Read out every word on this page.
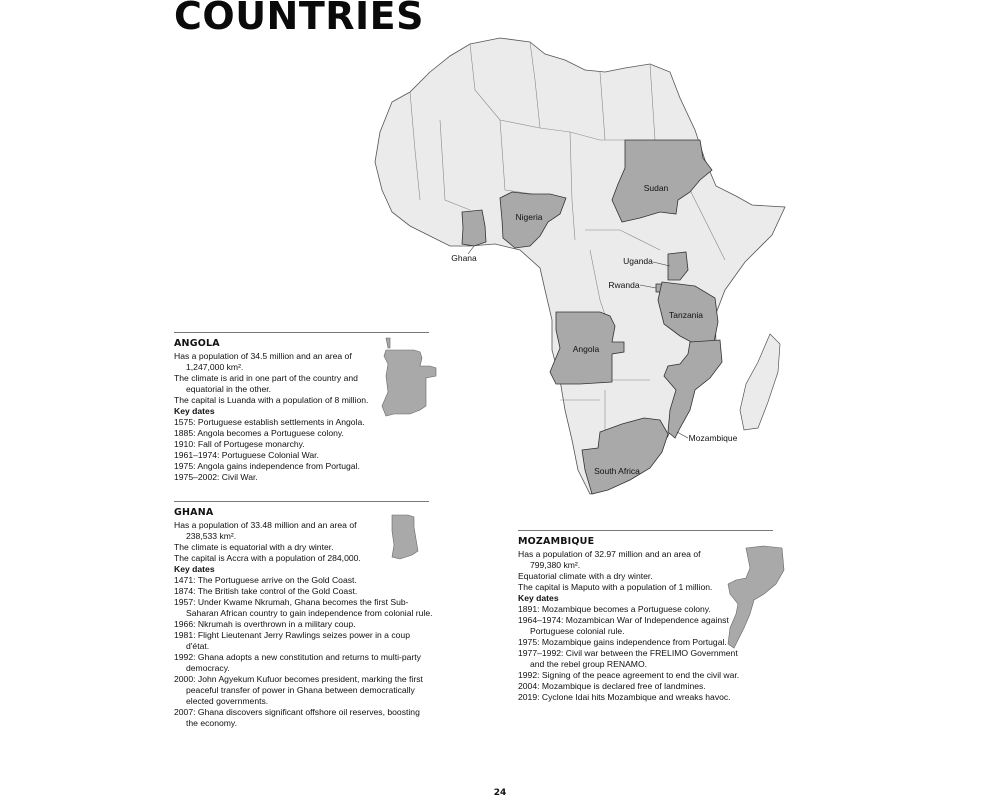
COUNTRIES
Sudan
Nigeria
Ghana	Uganda
Rwanda
Tanzania
Angola
Mozambique
South Africa
ANGOLA

Has a population of 34.5 million and an area of

1,247,000 km².

The climate is arid in one part of the country and

equatorial in the other.

The capital is Luanda with a population of 8 million.

Key dates

1575: Portuguese establish settlements in Angola.
1885: Angola becomes a Portuguese colony.
1910: Fall of Portugese monarchy.
1961–1974: Portuguese Colonial War.
1975: Angola gains independence from Portugal.
1975–2002: Civil War.
GHANA

Has a population of 33.48 million and an area of

238,533 km².

The climate is equatorial with a dry winter.

The capital is Accra with a population of 284,000.

Key dates

1471: The Portuguese arrive on the Gold Coast.
1874: The British take control of the Gold Coast.
1957: Under Kwame Nkrumah, Ghana becomes the first Sub-Saharan African country to gain independence from colonial rule.
1966: Nkrumah is overthrown in a military coup.
1981: Flight Lieutenant Jerry Rawlings seizes power in a coup d'état.
1992: Ghana adopts a new constitution and returns to multi-party democracy.
2000: John Agyekum Kufuor becomes president, marking the first peaceful transfer of power in Ghana between democratically elected governments.
2007: Ghana discovers significant offshore oil reserves, boosting the economy.
MOZAMBIQUE

Has a population of 32.97 million and an area of

799,380 km².

Equatorial climate with a dry winter.

The capital is Maputo with a population of 1 million.

Key dates

1891: Mozambique becomes a Portuguese colony.
1964–1974: Mozambican War of Independence against Portuguese colonial rule.
1975: Mozambique gains independence from Portugal.
1977–1992: Civil war between the FRELIMO Government and the rebel group RENAMO.
1992: Signing of the peace agreement to end the civil war.
2004: Mozambique is declared free of landmines.
2019: Cyclone Idai hits Mozambique and wreaks havoc.
24
